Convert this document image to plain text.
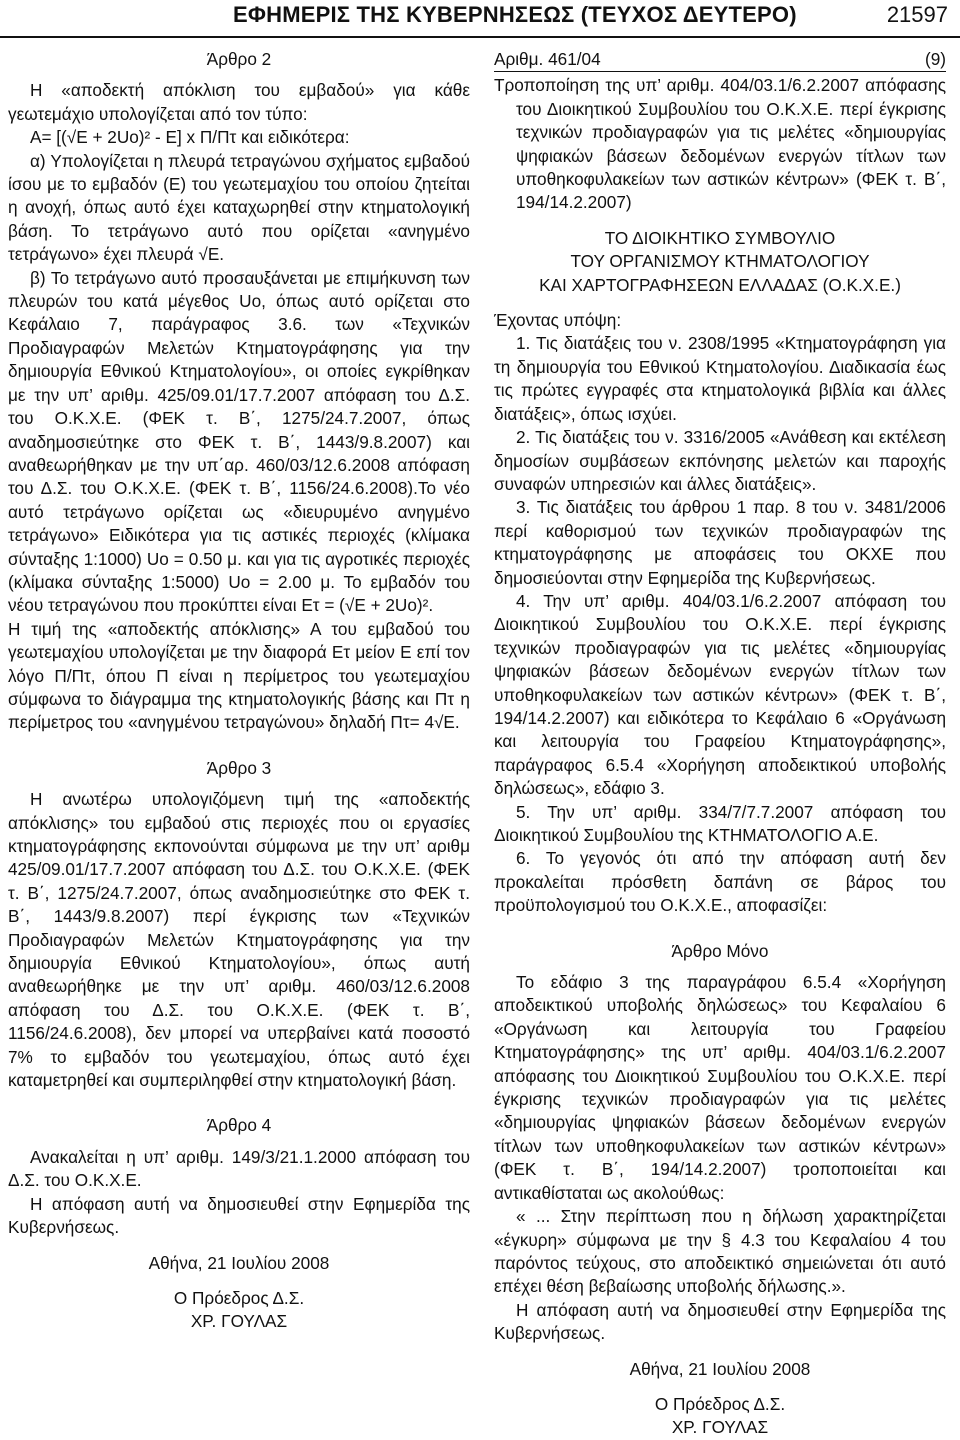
ΕΦΗΜΕΡΙΣ ΤΗΣ ΚΥΒΕΡΝΗΣΕΩΣ (ΤΕΥΧΟΣ ΔΕΥΤΕΡΟ)	21597

Άρθρο 2

Η «αποδεκτή απόκλιση του εμβαδού» για κάθε γεωτεμάχιο υπολογίζεται από τον τύπο:

Α= [(√Ε + 2Uo)² - E] x Π/Πτ και ειδικότερα:

α) Υπολογίζεται η πλευρά τετραγώνου σχήματος εμβαδού ίσου με το εμβαδόν (Ε) του γεωτεμαχίου του οποίου ζητείται η ανοχή, όπως αυτό έχει καταχωρηθεί στην κτηματολογική βάση. Το τετράγωνο αυτό που ορίζεται «ανηγμένο τετράγωνο» έχει πλευρά √Ε.

β) Το τετράγωνο αυτό προσαυξάνεται με επιμήκυνση των πλευρών του κατά μέγεθος Uo, όπως αυτό ορίζεται στο Κεφάλαιο 7, παράγραφος 3.6. των «Τεχνικών Προδιαγραφών Μελετών Κτηματογράφησης για την δημιουργία Εθνικού Κτηματολογίου», οι οποίες εγκρίθηκαν με την υπ’ αριθμ. 425/09.01/17.7.2007 απόφαση του Δ.Σ. του Ο.Κ.Χ.Ε. (ΦΕΚ τ. Β΄, 1275/24.7.2007, όπως αναδημοσιεύτηκε στο ΦΕΚ τ. Β΄, 1443/9.8.2007) και αναθεωρήθηκαν με την υπ΄αρ. 460/03/12.6.2008 απόφαση του Δ.Σ. του Ο.Κ.Χ.Ε. (ΦΕΚ τ. Β΄, 1156/24.6.2008).Το νέο αυτό τετράγωνο ορίζεται ως «διευρυμένο ανηγμένο τετράγωνο» Ειδικότερα για τις αστικές περιοχές (κλίμακα σύνταξης 1:1000) Uo = 0.50 μ. και για τις αγροτικές περιοχές (κλίμακα σύνταξης 1:5000) Uo = 2.00 μ. Το εμβαδόν του νέου τετραγώνου που προκύπτει είναι Ετ = (√Ε + 2Uo)².

Η τιμή της «αποδεκτής απόκλισης» Α του εμβαδού του γεωτεμαχίου υπολογίζεται με την διαφορά Ετ μείον Ε επί τον λόγο Π/Πτ, όπου Π είναι η περίμετρος του γεωτεμαχίου σύμφωνα το διάγραμμα της κτηματολογικής βάσης και Πτ η περίμετρος του «ανηγμένου τετραγώνου» δηλαδή Πτ= 4√Ε.

Άρθρο 3

Η ανωτέρω υπολογιζόμενη τιμή της «αποδεκτής απόκλισης» του εμβαδού στις περιοχές που οι εργασίες κτηματογράφησης εκπονούνται σύμφωνα με την υπ’ αριθμ 425/09.01/17.7.2007 απόφαση του Δ.Σ. του Ο.Κ.Χ.Ε. (ΦΕΚ τ. Β΄, 1275/24.7.2007, όπως αναδημοσιεύτηκε στο ΦΕΚ τ. Β΄, 1443/9.8.2007) περί έγκρισης των «Τεχνικών Προδιαγραφών Μελετών Κτηματογράφησης για την δημιουργία Εθνικού Κτηματολογίου», όπως αυτή αναθεωρήθηκε με την υπ’ αριθμ. 460/03/12.6.2008 απόφαση του Δ.Σ. του Ο.Κ.Χ.Ε. (ΦΕΚ τ. Β΄, 1156/24.6.2008), δεν μπορεί να υπερβαίνει κατά ποσοστό 7% το εμβαδόν του γεωτεμαχίου, όπως αυτό έχει καταμετρηθεί και συμπεριληφθεί στην κτηματολογική βάση.

Άρθρο 4

Ανακαλείται η υπ’ αριθμ. 149/3/21.1.2000 απόφαση του Δ.Σ. του Ο.Κ.Χ.Ε.

Η απόφαση αυτή να δημοσιευθεί στην Εφημερίδα της Κυβερνήσεως.

Αθήνα, 21 Ιουλίου 2008

Ο Πρόεδρος Δ.Σ.

ΧΡ. ΓΟΥΛΑΣ

Αριθμ. 461/04	(9)

Τροποποίηση της υπ’ αριθμ. 404/03.1/6.2.2007 απόφασης του Διοικητικού Συμβουλίου του Ο.Κ.Χ.Ε. περί έγκρισης τεχνικών προδιαγραφών για τις μελέτες «δημιουργίας ψηφιακών βάσεων δεδομένων ενεργών τίτλων των υποθηκοφυλακείων των αστικών κέντρων» (ΦΕΚ τ. Β΄, 194/14.2.2007)

ΤΟ ΔΙΟΙΚΗΤΙΚΟ ΣΥΜΒΟΥΛΙΟ

ΤΟΥ ΟΡΓΑΝΙΣΜΟΥ ΚΤΗΜΑΤΟΛΟΓΙΟΥ

ΚΑΙ ΧΑΡΤΟΓΡΑΦΗΣΕΩΝ ΕΛΛΑΔΑΣ (Ο.Κ.Χ.Ε.)

Έχοντας υπόψη:

1. Τις διατάξεις του ν. 2308/1995 «Κτηματογράφηση για τη δημιουργία του Εθνικού Κτηματολογίου. Διαδικασία έως τις πρώτες εγγραφές στα κτηματολογικά βιβλία και άλλες διατάξεις», όπως ισχύει.

2. Τις διατάξεις του ν. 3316/2005 «Ανάθεση και εκτέλεση δημοσίων συμβάσεων εκπόνησης μελετών και παροχής συναφών υπηρεσιών και άλλες διατάξεις».

3. Τις διατάξεις του άρθρου 1 παρ. 8 του ν. 3481/2006 περί καθορισμού των τεχνικών προδιαγραφών της κτηματογράφησης με αποφάσεις του ΟΚΧΕ που δημοσιεύονται στην Εφημερίδα της Κυβερνήσεως.

4. Την υπ’ αριθμ. 404/03.1/6.2.2007 απόφαση του Διοικητικού Συμβουλίου του Ο.Κ.Χ.Ε. περί έγκρισης τεχνικών προδιαγραφών για τις μελέτες «δημιουργίας ψηφιακών βάσεων δεδομένων ενεργών τίτλων των υποθηκοφυλακείων των αστικών κέντρων» (ΦΕΚ τ. Β΄, 194/14.2.2007) και ειδικότερα το Κεφάλαιο 6 «Οργάνωση και λειτουργία του Γραφείου Κτηματογράφησης», παράγραφος 6.5.4 «Χορήγηση αποδεικτικού υποβολής δηλώσεως», εδάφιο 3.

5. Την υπ’ αριθμ. 334/7/7.7.2007 απόφαση του Διοικητικού Συμβουλίου της ΚΤΗΜΑΤΟΛΟΓΙΟ Α.Ε.

6. Το γεγονός ότι από την απόφαση αυτή δεν προκαλείται πρόσθετη δαπάνη σε βάρος του προϋπολογισμού του Ο.Κ.Χ.Ε., αποφασίζει:

Άρθρο Μόνο

Το εδάφιο 3 της παραγράφου 6.5.4 «Χορήγηση αποδεικτικού υποβολής δηλώσεως» του Κεφαλαίου 6 «Οργάνωση και λειτουργία του Γραφείου Κτηματογράφησης» της υπ’ αριθμ. 404/03.1/6.2.2007 απόφασης του Διοικητικού Συμβουλίου του Ο.Κ.Χ.Ε. περί έγκρισης τεχνικών προδιαγραφών για τις μελέτες «δημιουργίας ψηφιακών βάσεων δεδομένων ενεργών τίτλων των υποθηκοφυλακείων των αστικών κέντρων» (ΦΕΚ τ. Β΄, 194/14.2.2007) τροποποιείται και αντικαθίσταται ως ακολούθως:

« ... Στην περίπτωση που η δήλωση χαρακτηρίζεται «έγκυρη» σύμφωνα με την § 4.3 του Κεφαλαίου 4 του παρόντος τεύχους, στο αποδεικτικό σημειώνεται ότι αυτό επέχει θέση βεβαίωσης υποβολής δήλωσης.».

Η απόφαση αυτή να δημοσιευθεί στην Εφημερίδα της Κυβερνήσεως.

Αθήνα, 21 Ιουλίου 2008

Ο Πρόεδρος Δ.Σ.

ΧΡ. ΓΟΥΛΑΣ
